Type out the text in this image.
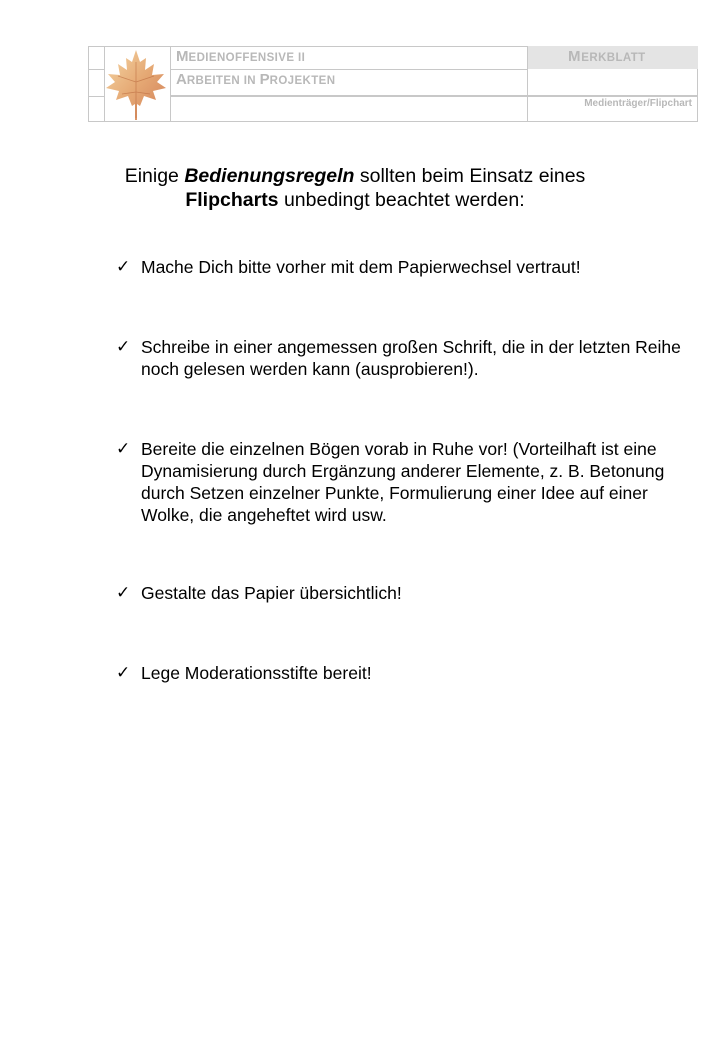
MEDIENOFFENSIVE II
ARBEITEN IN PROJEKTEN
MERKBLATT
Medienträger/Flipchart
Einige Bedienungsregeln sollten beim Einsatz eines
Flipcharts unbedingt beachtet werden:
✓ Mache Dich bitte vorher mit dem Papierwechsel vertraut!
✓ Schreibe in einer angemessen großen Schrift, die in der letzten Reihe noch gelesen werden kann (ausprobieren!).
✓ Bereite die einzelnen Bögen vorab in Ruhe vor! (Vorteilhaft ist eine Dynamisierung durch Ergänzung anderer Elemente, z. B. Betonung durch Setzen einzelner Punkte, Formulierung einer Idee auf einer Wolke, die angeheftet wird usw.
✓ Gestalte das Papier übersichtlich!
✓ Lege Moderationsstifte bereit!
